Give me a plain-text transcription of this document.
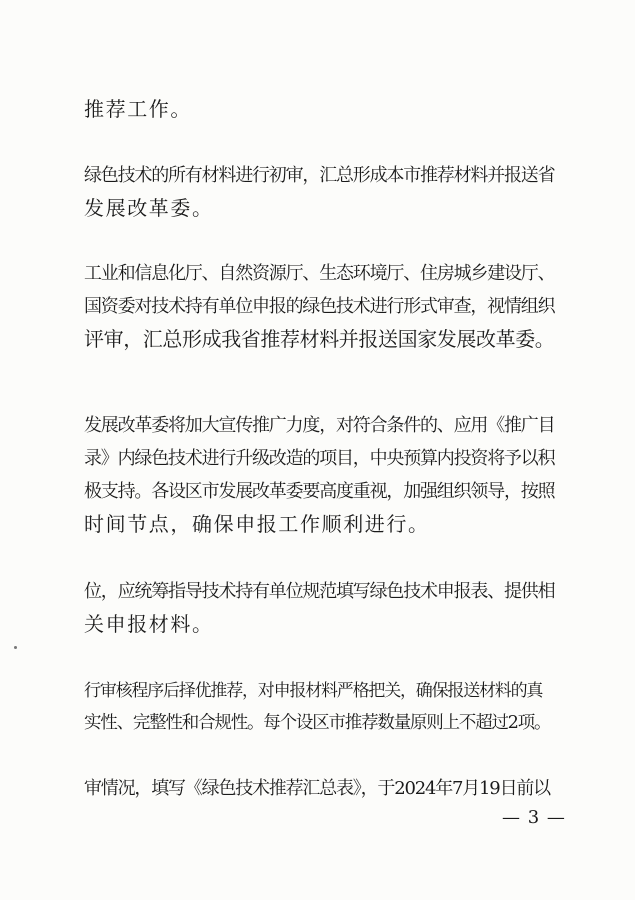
推荐工作。
绿色技术的所有材料进行初审，汇总形成本市推荐材料并报送省
发展改革委。
工业和信息化厅、自然资源厅、生态环境厅、住房城乡建设厅、
国资委对技术持有单位申报的绿色技术进行形式审查，视情组织
评审，汇总形成我省推荐材料并报送国家发展改革委。
发展改革委将加大宣传推广力度，对符合条件的、应用《推广目
录》内绿色技术进行升级改造的项目，中央预算内投资将予以积
极支持。各设区市发展改革委要高度重视，加强组织领导，按照
时间节点，确保申报工作顺利进行。
位，应统筹指导技术持有单位规范填写绿色技术申报表、提供相
关申报材料。
行审核程序后择优推荐，对申报材料严格把关，确保报送材料的真
实性、完整性和合规性。每个设区市推荐数量原则上不超过2项。
审情况，填写《绿色技术推荐汇总表》，于2024年7月19日前以
— 3 —
